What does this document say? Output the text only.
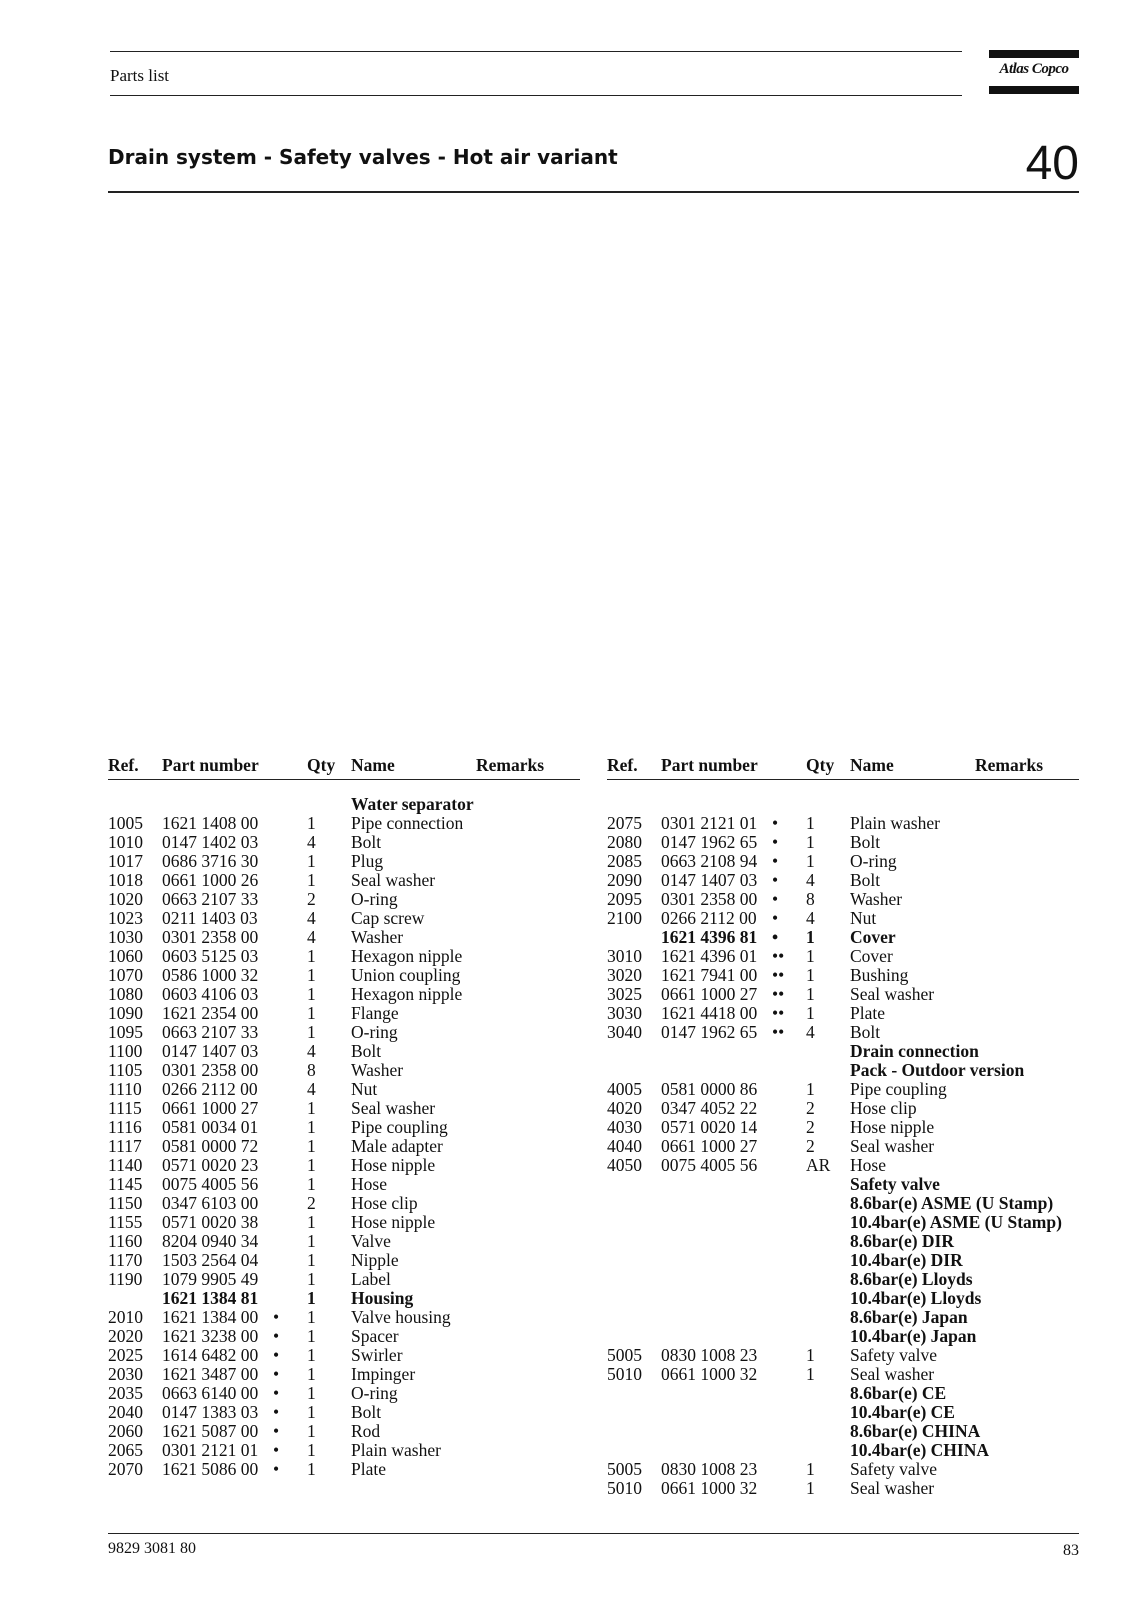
Parts list	Atlas Copco
Drain system - Safety valves - Hot air variant	40
Ref. Part number	Qty Name	Remarks
Water separator
1005 1621 1408 00	1 Pipe connection
1010 0147 1402 03	4 Bolt
1017 0686 3716 30	1 Plug
1018 0661 1000 26	1 Seal washer
1020 0663 2107 33	2 O-ring
1023 0211 1403 03	4 Cap screw
1030 0301 2358 00	4 Washer
1060 0603 5125 03	1 Hexagon nipple
1070 0586 1000 32	1 Union coupling
1080 0603 4106 03	1 Hexagon nipple
1090 1621 2354 00	1 Flange
1095 0663 2107 33	1 O-ring
1100 0147 1407 03	4 Bolt
1105 0301 2358 00	8 Washer
1110 0266 2112 00	4 Nut
1115 0661 1000 27	1 Seal washer
1116 0581 0034 01	1 Pipe coupling
1117 0581 0000 72	1 Male adapter
1140 0571 0020 23	1 Hose nipple
1145 0075 4005 56	1 Hose
1150 0347 6103 00	2 Hose clip
1155 0571 0020 38	1 Hose nipple
1160 8204 0940 34	1 Valve
1170 1503 2564 04	1 Nipple
1190 1079 9905 49	1 Label
1621 1384 81	1 Housing
2010 1621 1384 00 • 1 Valve housing
2020 1621 3238 00 • 1 Spacer
2025 1614 6482 00 • 1 Swirler
2030 1621 3487 00 • 1 Impinger
2035 0663 6140 00 • 1 O-ring
2040 0147 1383 03 • 1 Bolt
2060 1621 5087 00 • 1 Rod
2065 0301 2121 01 • 1 Plain washer
2070 1621 5086 00 • 1 Plate
Ref. Part number	Qty Name	Remarks
2075 0301 2121 01 • 1 Plain washer
2080 0147 1962 65 • 1 Bolt
2085 0663 2108 94 • 1 O-ring
2090 0147 1407 03 • 4 Bolt
2095 0301 2358 00 • 8 Washer
2100 0266 2112 00 • 4 Nut
1621 4396 81 • 1 Cover
3010 1621 4396 01 •• 1 Cover
3020 1621 7941 00 •• 1 Bushing
3025 0661 1000 27 •• 1 Seal washer
3030 1621 4418 00 •• 1 Plate
3040 0147 1962 65 •• 4 Bolt
Drain connection
Pack - Outdoor version
4005 0581 0000 86	1 Pipe coupling
4020 0347 4052 22	2 Hose clip
4030 0571 0020 14	2 Hose nipple
4040 0661 1000 27	2 Seal washer
4050 0075 4005 56	AR Hose
Safety valve
8.6bar(e) ASME (U Stamp)
10.4bar(e) ASME (U Stamp)
8.6bar(e) DIR
10.4bar(e) DIR
8.6bar(e) Lloyds
10.4bar(e) Lloyds
8.6bar(e) Japan
10.4bar(e) Japan
5005 0830 1008 23	1 Safety valve
5010 0661 1000 32	1 Seal washer
8.6bar(e) CE
10.4bar(e) CE
8.6bar(e) CHINA
10.4bar(e) CHINA
5005 0830 1008 23	1 Safety valve
5010 0661 1000 32	1 Seal washer
9829 3081 80	83
